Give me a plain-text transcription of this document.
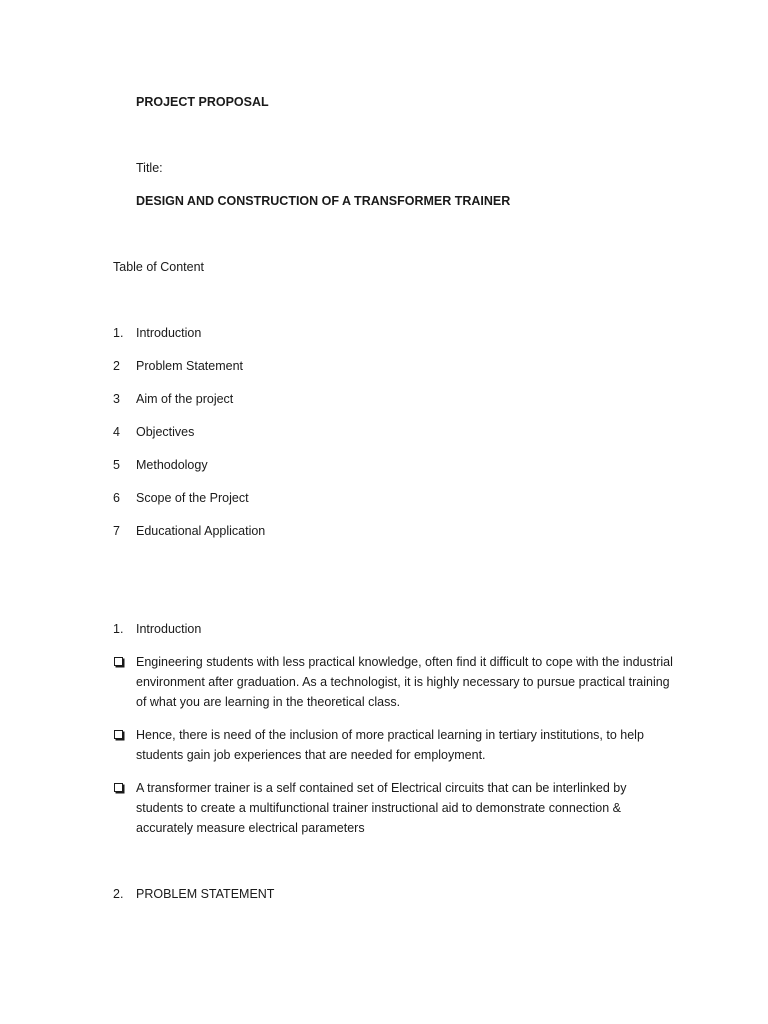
PROJECT PROPOSAL
Title:
DESIGN AND CONSTRUCTION OF A TRANSFORMER TRAINER
Table of Content
1. Introduction
2 Problem Statement
3 Aim of the project
4 Objectives
5 Methodology
6 Scope of the Project
7 Educational Application
1. Introduction
Engineering students with less practical knowledge, often find it difficult to cope with the industrial environment after graduation. As a technologist, it is highly necessary to pursue practical training of what you are learning in the theoretical class.
Hence, there is need of the inclusion of more practical learning in tertiary institutions, to help students gain job experiences that are needed for employment.
A transformer trainer is a self contained set of Electrical circuits that can be interlinked by students to create a multifunctional trainer instructional aid to demonstrate connection & accurately measure electrical parameters
2. PROBLEM STATEMENT
